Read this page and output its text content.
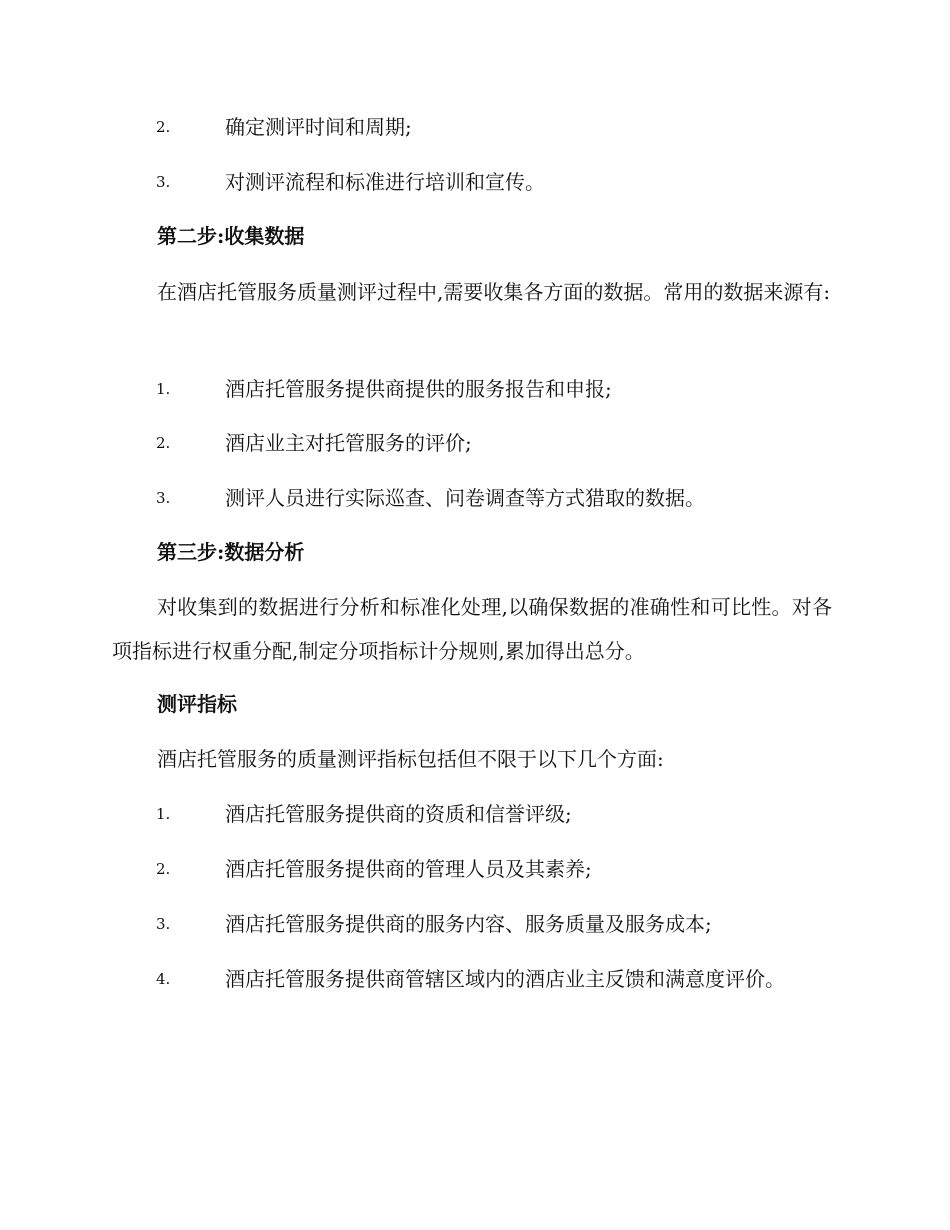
2.	确定测评时间和周期;
3.	对测评流程和标准进行培训和宣传。
第二步:收集数据
在酒店托管服务质量测评过程中,需要收集各方面的数据。常用的数据来源有:
1.	酒店托管服务提供商提供的服务报告和申报;
2.	酒店业主对托管服务的评价;
3.	测评人员进行实际巡查、问卷调查等方式猎取的数据。
第三步:数据分析
对收集到的数据进行分析和标准化处理,以确保数据的准确性和可比性。对各项指标进行权重分配,制定分项指标计分规则,累加得出总分。
测评指标
酒店托管服务的质量测评指标包括但不限于以下几个方面:
1.	酒店托管服务提供商的资质和信誉评级;
2.	酒店托管服务提供商的管理人员及其素养;
3.	酒店托管服务提供商的服务内容、服务质量及服务成本;
4.	酒店托管服务提供商管辖区域内的酒店业主反馈和满意度评价。
